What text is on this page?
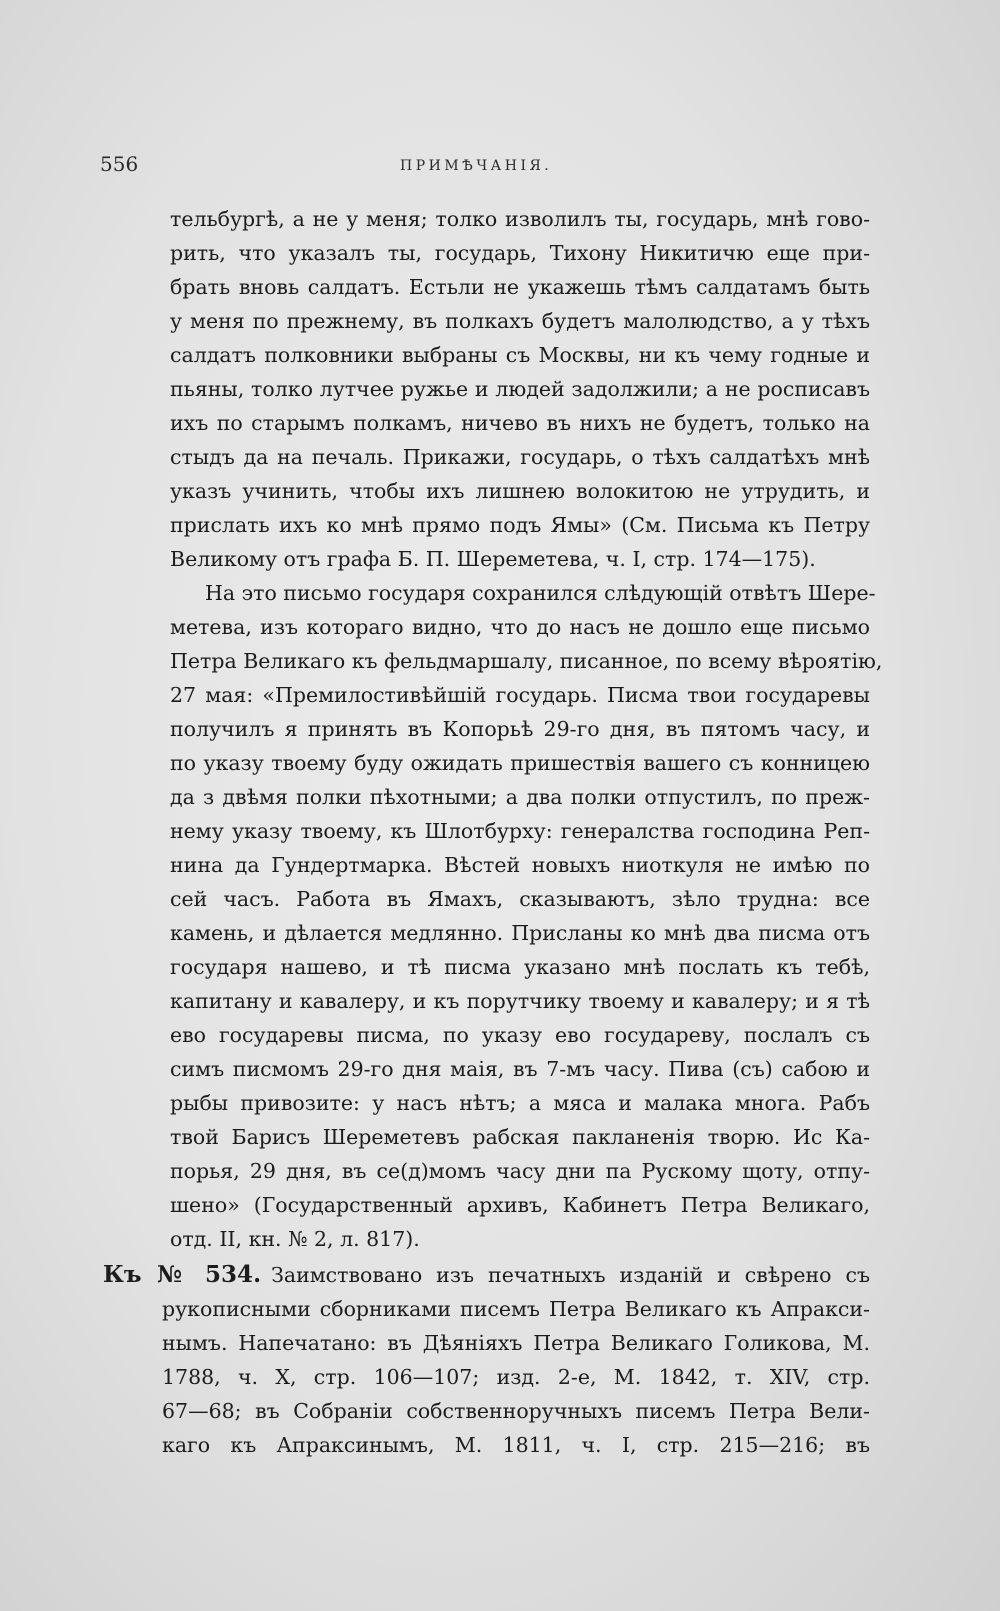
556	ПРИМѢЧАНІЯ.
тельбургѣ, а не у меня; толко изволилъ ты, государь, мнѣ гово-
рить, что указалъ ты, государь, Тихону Никитичю еще при-
брать вновь салдатъ. Естьли не укажешь тѣмъ салдатамъ быть
у меня по прежнему, въ полкахъ будетъ малолюдство, а у тѣхъ
салдатъ полковники выбраны съ Москвы, ни къ чему годные и
пьяны, толко лутчее ружье и людей задолжили; а не росписавъ
ихъ по старымъ полкамъ, ничево въ нихъ не будетъ, только на
стыдъ да на печаль. Прикажи, государь, о тѣхъ салдатѣхъ мнѣ
указъ учинить, чтобы ихъ лишнею волокитою не утрудить, и
прислать ихъ ко мнѣ прямо подъ Ямы» (См. Письма къ Петру
Великому отъ графа Б. П. Шереметева, ч. I, стр. 174—175).
На это письмо государя сохранился слѣдующій отвѣтъ Шере-
метева, изъ котораго видно, что до насъ не дошло еще письмо
Петра Великаго къ фельдмаршалу, писанное, по всему вѣроятію,
27 мая: «Премилостивѣйшій государь. Писма твои государевы
получилъ я принять въ Копорьѣ 29-го дня, въ пятомъ часу, и
по указу твоему буду ожидать пришествія вашего съ конницею
да з двѣмя полки пѣхотными; а два полки отпустилъ, по преж-
нему указу твоему, къ Шлотбурху: генералства господина Реп-
нина да Гундертмарка. Вѣстей новыхъ ниоткуля не имѣю по
сей часъ. Работа въ Ямахъ, сказываютъ, зѣло трудна: все
камень, и дѣлается медлянно. Присланы ко мнѣ два писма отъ
государя нашево, и тѣ писма указано мнѣ послать къ тебѣ,
капитану и кавалеру, и къ порутчику твоему и кавалеру; и я тѣ
ево государевы писма, по указу ево государеву, послалъ съ
симъ писмомъ 29-го дня маія, въ 7-мъ часу. Пива (съ) сабою и
рыбы привозите: у насъ нѣтъ; а мяса и малака многа. Рабъ
твой Барисъ Шереметевъ рабская пакланенія творю. Ис Ка-
порья, 29 дня, въ се(д)момъ часу дни па Рускому щоту, отпу-
шено» (Государственный архивъ, Кабинетъ Петра Великаго,
отд. II, кн. № 2, л. 817).
Къ № 534. Заимствовано изъ печатныхъ изданій и свѣрено съ
рукописными сборниками писемъ Петра Великаго къ Апракси-
нымъ. Напечатано: въ Дѣяніяхъ Петра Великаго Голикова, М.
1788, ч. X, стр. 106—107; изд. 2-е, М. 1842, т. XIV, стр.
67—68; въ Собраніи собственноручныхъ писемъ Петра Вели-
каго къ Апраксинымъ, М. 1811, ч. I, стр. 215—216; въ
